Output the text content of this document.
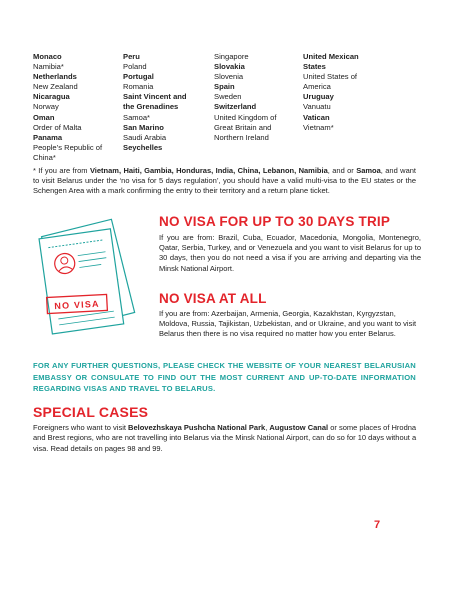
Monaco
Namibia*
Netherlands
New Zealand
Nicaragua
Norway
Oman
Order of Malta
Panama
People’s Republic of
China*
Peru
Poland
Portugal
Romania
Saint Vincent and
the Grenadines
Samoa*
San Marino
Saudi Arabia
Seychelles
Singapore
Slovakia
Slovenia
Spain
Sweden
Switzerland
United Kingdom of
Great Britain and
Northern Ireland
United Mexican
States
United States of
America
Uruguay
Vanuatu
Vatican
Vietnam*
* If you are from Vietnam, Haiti, Gambia, Honduras, India, China, Lebanon, Namibia, and or Samoa, and want to visit Belarus under the ‘no visa for 5 days regulation’, you should have a valid multi-visa to the EU states or the Schengen Area with a mark confirming the entry to their territory and a return plane ticket.
NO VISA
NO VISA FOR UP TO 30 DAYS TRIP
If you are from: Brazil, Cuba, Ecuador, Macedonia, Mongolia, Montenegro, Qatar, Serbia, Turkey, and or Venezuela and you want to visit Belarus for up to 30 days, then you do not need a visa if you are arriving and departing via the Minsk National Airport.
NO VISA AT ALL
If you are from: Azerbaijan, Armenia, Georgia, Kazakhstan, Kyrgyzstan, Moldova, Russia, Tajikistan, Uzbekistan, and or Ukraine, and you want to visit Belarus then there is no visa required no matter how you enter Belarus.
FOR ANY FURTHER QUESTIONS, PLEASE CHECK THE WEBSITE OF YOUR NEAREST BELARUSIAN EMBASSY OR CONSULATE TO FIND OUT THE MOST CURRENT AND UP-TO-DATE INFORMATION REGARDING VISAS AND TRAVEL TO BELARUS.
SPECIAL CASES
Foreigners who want to visit Belovezhskaya Pushcha National Park, Augustow Canal or some places of Hrodna and Brest regions, who are not travelling into Belarus via the Minsk National Airport, can do so for 10 days without a visa. Read details on pages 98 and 99.
7
